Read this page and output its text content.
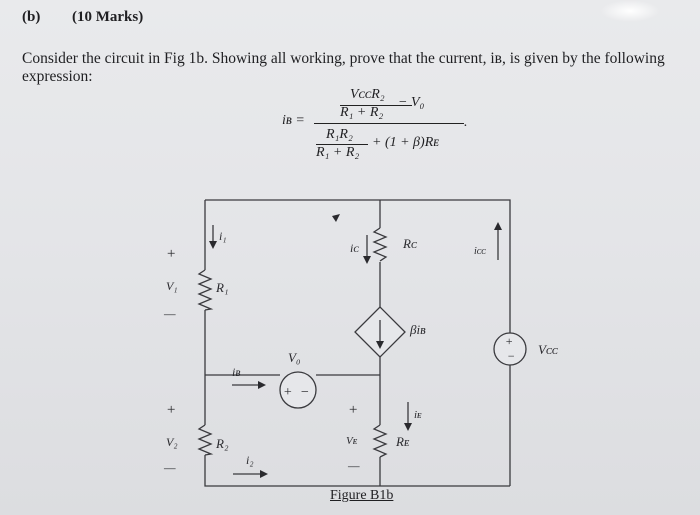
(b) (10 Marks)
Consider the circuit in Fig 1b. Showing all working, prove that the current, iʙ, is given by the following expression:
iʙ =
VᴄᴄR₂
R₁ + R₂
− V₀
.
R₁R₂
R₁ + R₂
+ (1 + β)Rᴇ
+
V₁
—
i₁
R₁
+
V₂
—
R₂
i₂
iʙ
V₀
+ −
iᴄ	Rᴄ
βiʙ
+
Vᴇ
—
iᴇ
Rᴇ
iᴄᴄ
Vᴄᴄ
+
−
Figure B1b
